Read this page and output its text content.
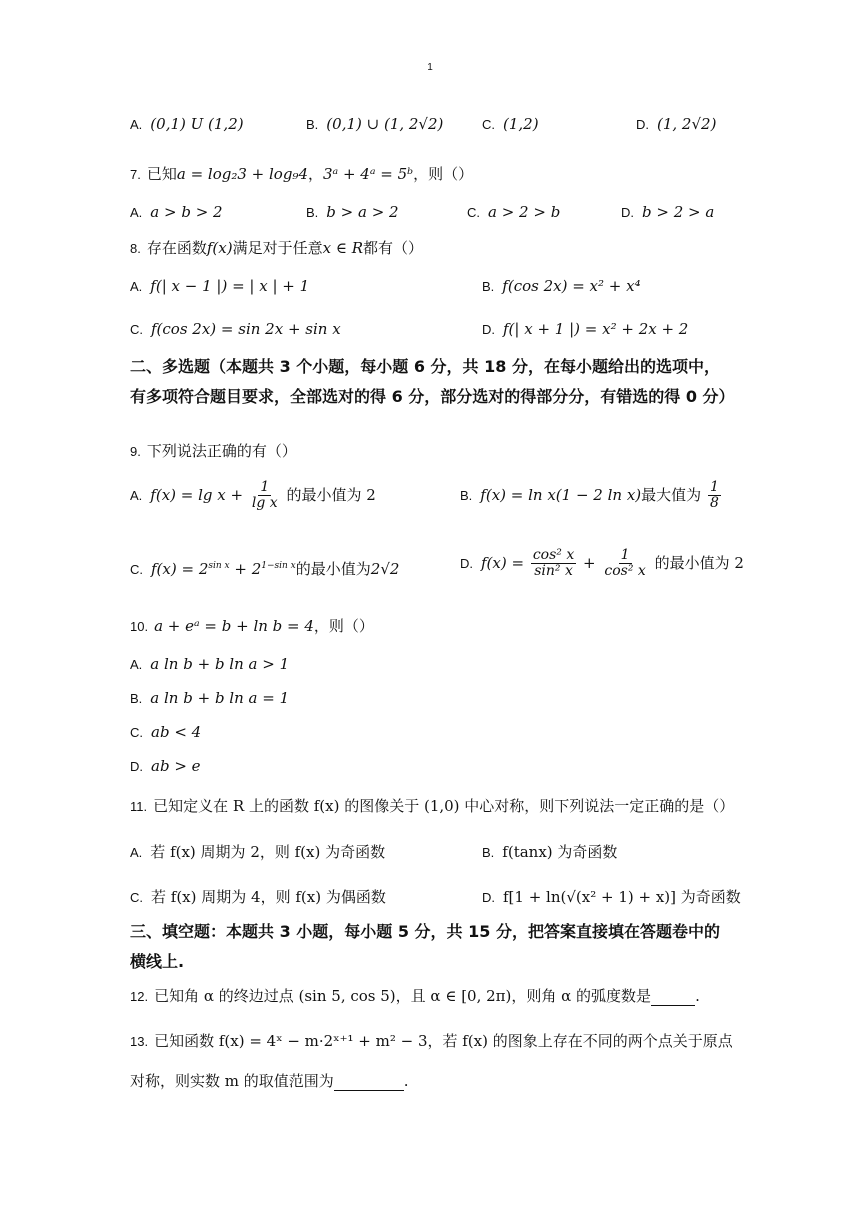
1
A. (0,1) U (1,2)	B. (0,1) ∪ (1, 2√2)	C. (1,2)	D. (1, 2√2)
7. 已知a = log₂3 + log₉4，3ᵃ + 4ᵃ = 5ᵇ，则（）
A. a > b > 2	B. b > a > 2	C. a > 2 > b	D. b > 2 > a
8. 存在函数f(x)满足对于任意x ∈ R都有（）
A. f(| x − 1 |) = | x | + 1	B. f(cos 2x) = x² + x⁴
C. f(cos 2x) = sin 2x + sin x	D. f(| x + 1 |) = x² + 2x + 2
二、多选题（本题共 3 个小题，每小题 6 分，共 18 分，在每小题给出的选项中，有多项符合题目要求，全部选对的得 6 分，部分选对的得部分分，有错选的得 0 分）
9. 下列说法正确的有（）
A. $f(x) = \lg x + \frac{1}{\text{lg x}}$ 的最小值为 2	B. f(x) = ln x(1 − 2 ln x)最大值为 $\frac{1}{8}$
C. $f(x) = 2^{sin x} + 2^{1-sin x}$的最小值为2√2	D. $f(x) = \frac{\text{cos² x}}{\text{sin² x}} + \frac{1}{\text{cos² x}}$ 的最小值为 2
10. a + eᵃ = b + ln b = 4，则（）
A. a ln b + b ln a > 1
B. a ln b + b ln a = 1
C. ab < 4
D. ab > e
11. 已知定义在 R 上的函数 f(x) 的图像关于 (1,0) 中心对称，则下列说法一定正确的是（）
A. 若 f(x) 周期为 2，则 f(x) 为奇函数	B. f(tanx) 为奇函数
C. 若 f(x) 周期为 4，则 f(x) 为偶函数	D. f[1 + ln(√(x² + 1) + x)] 为奇函数
三、填空题：本题共 3 小题，每小题 5 分，共 15 分，把答案直接填在答题卷中的横线上.
12. 已知角 α 的终边过点 (sin 5, cos 5)，且 α ∈ [0, 2π)，则角 α 的弧度数是	.
13. 已知函数 f(x) = 4ˣ − m·2ˣ⁺¹ + m² − 3，若 f(x) 的图象上存在不同的两个点关于原点
对称，则实数 m 的取值范围为	.
